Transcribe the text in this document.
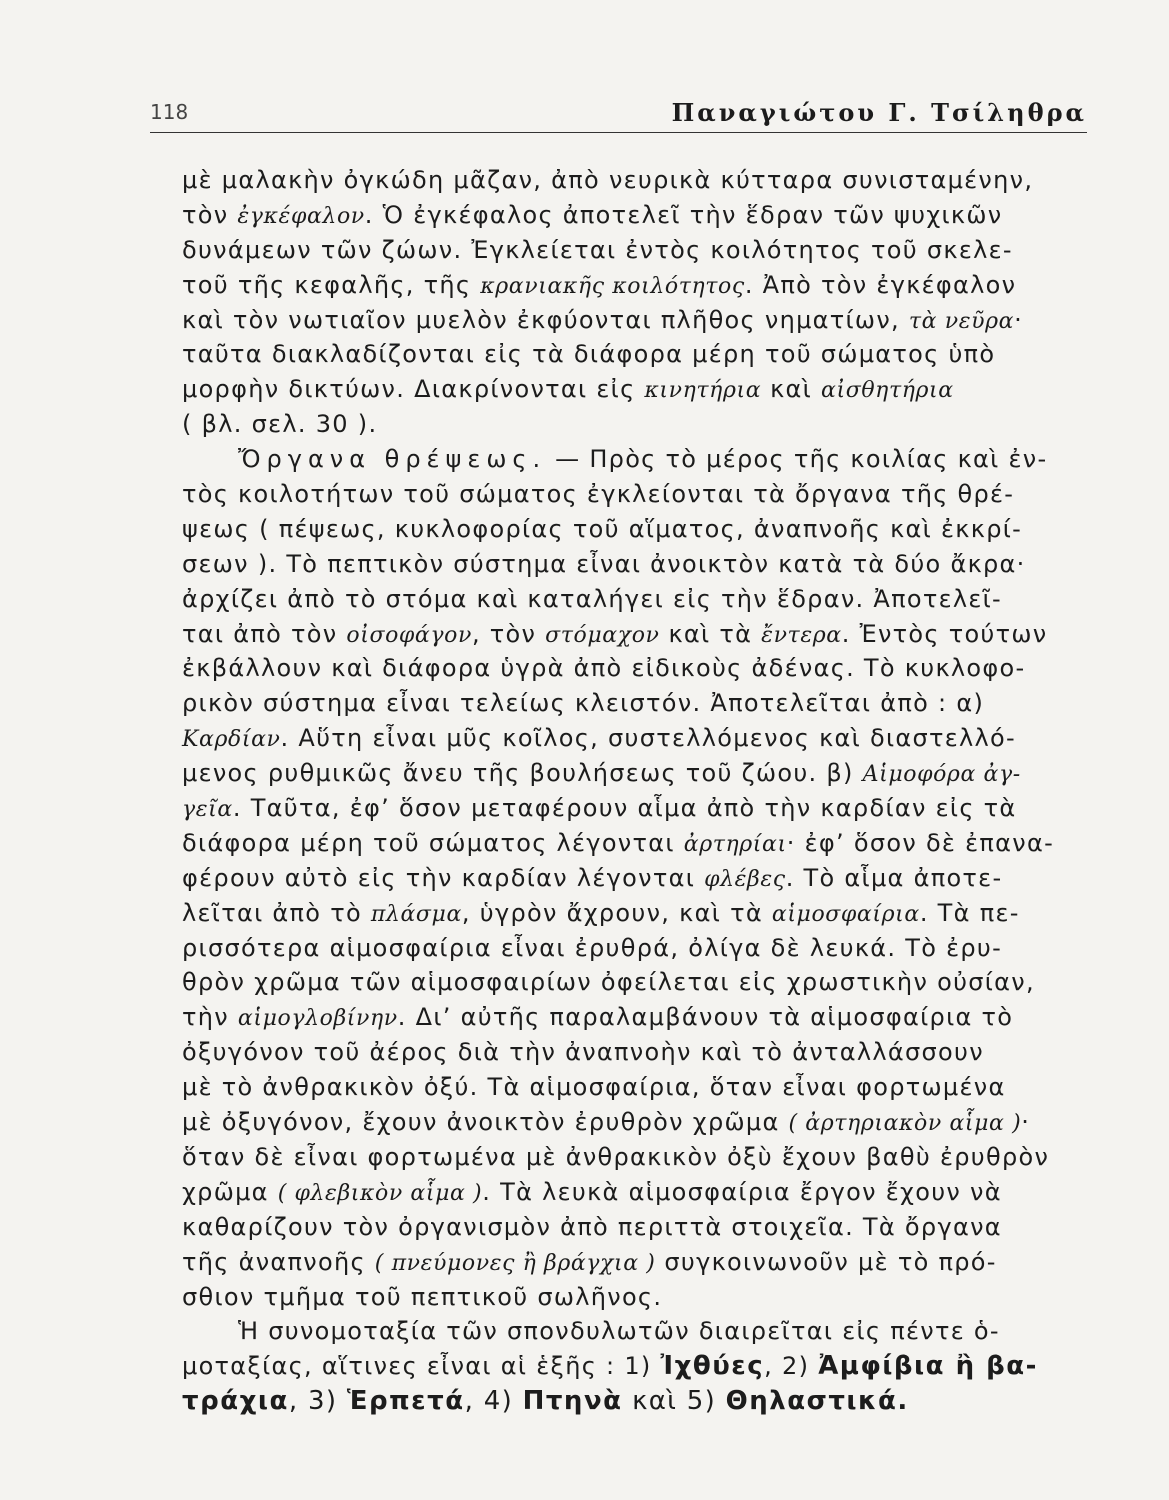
118	Παναγιώτου Γ. Τσίληθρα
μὲ μαλακὴν ὀγκώδη μᾶζαν, ἀπὸ νευρικὰ κύτταρα συνισταμένην,
τὸν ἐγκέφαλον. Ὁ ἐγκέφαλος ἀποτελεῖ τὴν ἕδραν τῶν ψυχικῶν
δυνάμεων τῶν ζώων. Ἐγκλείεται ἐντὸς κοιλότητος τοῦ σκελε-
τοῦ τῆς κεφαλῆς, τῆς κρανιακῆς κοιλότητος. Ἀπὸ τὸν ἐγκέφαλον
καὶ τὸν νωτιαῖον μυελὸν ἐκφύονται πλῆθος νηματίων, τὰ νεῦρα·
ταῦτα διακλαδίζονται εἰς τὰ διάφορα μέρη τοῦ σώματος ὑπὸ
μορφὴν δικτύων. Διακρίνονται εἰς κινητήρια καὶ αἰσθητήρια
( βλ. σελ. 30 ).
Ὄργανα θρέψεως. — Πρὸς τὸ μέρος τῆς κοιλίας καὶ ἐν-
τὸς κοιλοτήτων τοῦ σώματος ἐγκλείονται τὰ ὄργανα τῆς θρέ-
ψεως ( πέψεως, κυκλοφορίας τοῦ αἵματος, ἀναπνοῆς καὶ ἐκκρί-
σεων ). Τὸ πεπτικὸν σύστημα εἶναι ἀνοικτὸν κατὰ τὰ δύο ἄκρα·
ἀρχίζει ἀπὸ τὸ στόμα καὶ καταλήγει εἰς τὴν ἕδραν. Ἀποτελεῖ-
ται ἀπὸ τὸν οἰσοφάγον, τὸν στόμαχον καὶ τὰ ἔντερα. Ἐντὸς τούτων
ἐκβάλλουν καὶ διάφορα ὑγρὰ ἀπὸ εἰδικοὺς ἀδένας. Τὸ κυκλοφο-
ρικὸν σύστημα εἶναι τελείως κλειστόν. Ἀποτελεῖται ἀπὸ : α)
Καρδίαν. Αὕτη εἶναι μῦς κοῖλος, συστελλόμενος καὶ διαστελλό-
μενος ρυθμικῶς ἄνευ τῆς βουλήσεως τοῦ ζώου. β) Αἱμοφόρα ἀγ-
γεῖα. Ταῦτα, ἐφ’ ὅσον μεταφέρουν αἷμα ἀπὸ τὴν καρδίαν εἰς τὰ
διάφορα μέρη τοῦ σώματος λέγονται ἀρτηρίαι· ἐφ’ ὅσον δὲ ἐπανα-
φέρουν αὐτὸ εἰς τὴν καρδίαν λέγονται φλέβες. Τὸ αἷμα ἀποτε-
λεῖται ἀπὸ τὸ πλάσμα, ὑγρὸν ἄχρουν, καὶ τὰ αἱμοσφαίρια. Τὰ πε-
ρισσότερα αἱμοσφαίρια εἶναι ἐρυθρά, ὀλίγα δὲ λευκά. Τὸ ἐρυ-
θρὸν χρῶμα τῶν αἱμοσφαιρίων ὀφείλεται εἰς χρωστικὴν οὐσίαν,
τὴν αἱμογλοβίνην. Δι’ αὐτῆς παραλαμβάνουν τὰ αἱμοσφαίρια τὸ
ὀξυγόνον τοῦ ἀέρος διὰ τὴν ἀναπνοὴν καὶ τὸ ἀνταλλάσσουν
μὲ τὸ ἀνθρακικὸν ὀξύ. Τὰ αἱμοσφαίρια, ὅταν εἶναι φορτωμένα
μὲ ὀξυγόνον, ἔχουν ἀνοικτὸν ἐρυθρὸν χρῶμα ( ἀρτηριακὸν αἷμα )·
ὅταν δὲ εἶναι φορτωμένα μὲ ἀνθρακικὸν ὀξὺ ἔχουν βαθὺ ἐρυθρὸν
χρῶμα ( φλεβικὸν αἷμα ). Τὰ λευκὰ αἱμοσφαίρια ἔργον ἔχουν νὰ
καθαρίζουν τὸν ὀργανισμὸν ἀπὸ περιττὰ στοιχεῖα. Τὰ ὄργανα
τῆς ἀναπνοῆς ( πνεύμονες ἢ βράγχια ) συγκοινωνοῦν μὲ τὸ πρό-
σθιον τμῆμα τοῦ πεπτικοῦ σωλῆνος.
Ἡ συνομοταξία τῶν σπονδυλωτῶν διαιρεῖται εἰς πέντε ὁ-
μοταξίας, αἵτινες εἶναι αἱ ἑξῆς : 1) Ἰχθύες, 2) Ἀμφίβια ἢ βα-
τράχια, 3) Ἑρπετά, 4) Πτηνὰ καὶ 5) Θηλαστικά.
